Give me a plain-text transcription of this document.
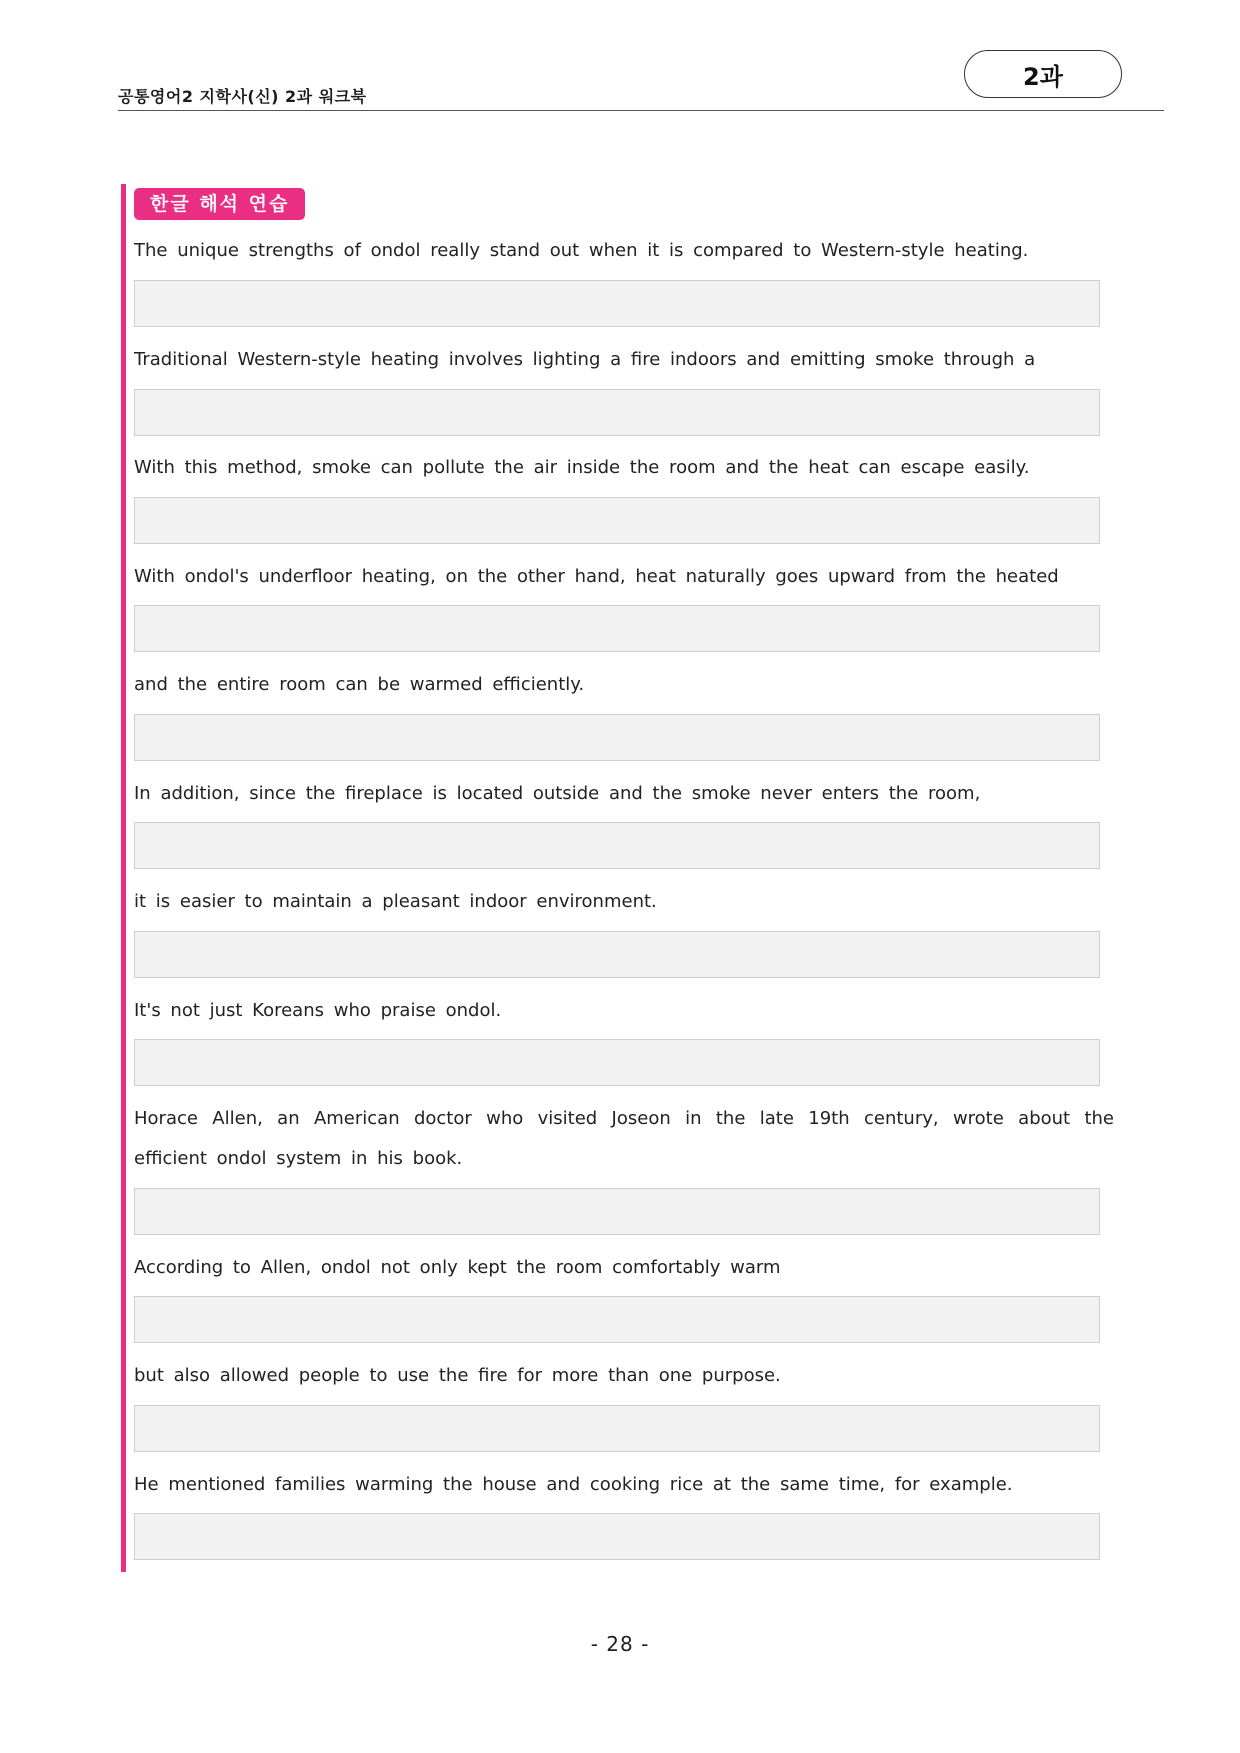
공통영어2 지학사(신) 2과 워크북
2과
한글 해석 연습
The unique strengths of ondol really stand out when it is compared to Western-style heating.
Traditional Western-style heating involves lighting a fire indoors and emitting smoke through a
With this method, smoke can pollute the air inside the room and the heat can escape easily.
With ondol's underfloor heating, on the other hand, heat naturally goes upward from the heated
and the entire room can be warmed efficiently.
In addition, since the fireplace is located outside and the smoke never enters the room,
it is easier to maintain a pleasant indoor environment.
It's not just Koreans who praise ondol.
Horace Allen, an American doctor who visited Joseon in the late 19th century, wrote about the efficient ondol system in his book.
According to Allen, ondol not only kept the room comfortably warm
but also allowed people to use the fire for more than one purpose.
He mentioned families warming the house and cooking rice at the same time, for example.
- 28 -
